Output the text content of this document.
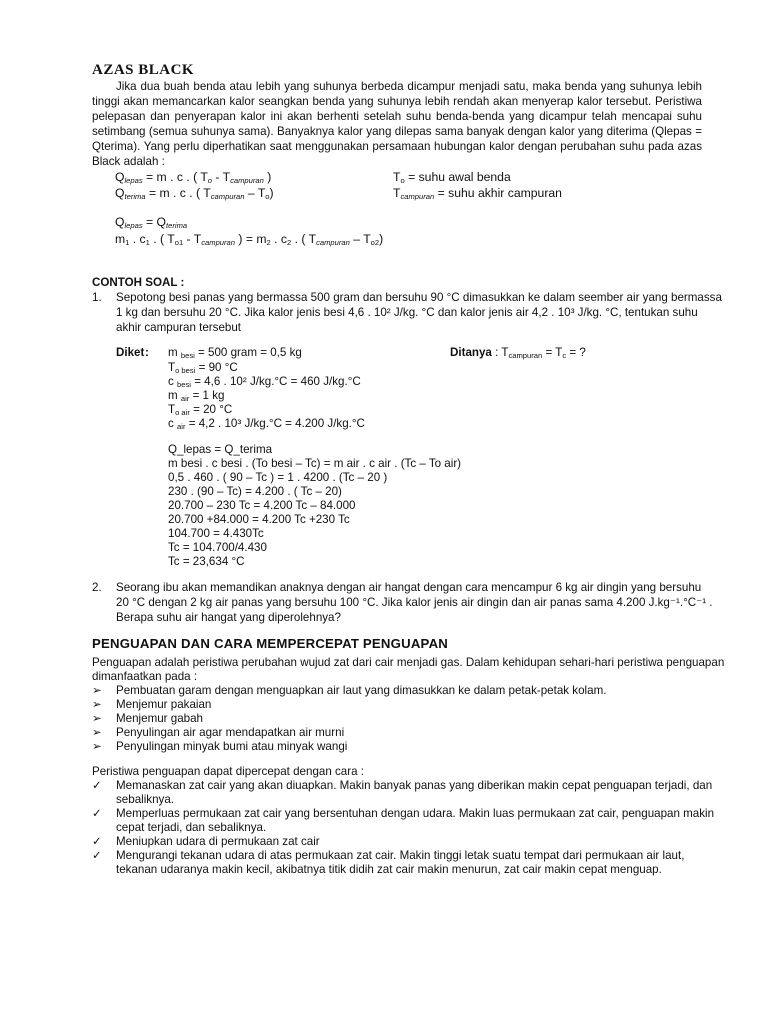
AZAS BLACK
Jika dua buah benda atau lebih yang suhunya berbeda dicampur menjadi satu, maka benda yang suhunya lebih tinggi akan memancarkan kalor seangkan benda yang suhunya lebih rendah akan menyerap kalor tersebut. Peristiwa pelepasan dan penyerapan kalor ini akan berhenti setelah suhu benda-benda yang dicampur telah mencapai suhu setimbang (semua suhunya sama). Banyaknya kalor yang dilepas sama banyak dengan kalor yang diterima (Qlepas = Qterima). Yang perlu diperhatikan saat menggunakan persamaan hubungan kalor dengan perubahan suhu pada azas Black adalah :
$Q_{lepas} = m$ . c . ( $T_o - T_{campuran}$ )	To = suhu awal benda
$Q_{terima} = m$ . c . ( $T_{campuran} - To$)	$T_{campuran}$ = suhu akhir campuran
$Q_{lepas} = Q_{terima}$
m1 . c1 . ( $To1 - T_{campuran}$ ) = m2 . c2 . ( $T_{campuran} - To2$)
CONTOH SOAL :
1. Sepotong besi panas yang bermassa 500 gram dan bersuhu 90 °C dimasukkan ke dalam seember air yang bermassa
1 kg dan bersuhu 20 °C. Jika kalor jenis besi 4,6 . 10² J/kg. °C dan kalor jenis air 4,2 . 10³ J/kg. °C, tentukan suhu
akhir campuran tersebut
Diket :	Ditanya : Tcampuran = Tc = ?
m besi = 500 gram = 0,5 kg
To besi = 90 °C
c besi = 4,6 . 10² J/kg.°C = 460 J/kg.°C
m air = 1 kg
To air = 20 °C
c air = 4,2 . 10³ J/kg.°C = 4.200 J/kg.°C
Q_lepas = Q_terima
m besi . c besi . (To besi – Tc) = m air . c air . (Tc – To air)
0,5 . 460 . ( 90 – Tc ) = 1 . 4200 . (Tc – 20 )
230 . (90 – Tc) = 4.200 . ( Tc – 20)
20.700 – 230 Tc = 4.200 Tc – 84.000
20.700 +84.000 = 4.200 Tc +230 Tc
104.700 = 4.430Tc
Tc = 104.700/4.430
Tc = 23,634 °C
2. Seorang ibu akan memandikan anaknya dengan air hangat dengan cara mencampur 6 kg air dingin yang bersuhu
20 °C dengan 2 kg air panas yang bersuhu 100 °C. Jika kalor jenis air dingin dan air panas sama 4.200 J.kg⁻¹.°C⁻¹ .
Berapa suhu air hangat yang diperolehnya?
PENGUAPAN DAN CARA MEMPERCEPAT PENGUAPAN
Penguapan adalah peristiwa perubahan wujud zat dari cair menjadi gas. Dalam kehidupan sehari-hari peristiwa penguapan
dimanfaatkan pada :
➢ Pembuatan garam dengan menguapkan air laut yang dimasukkan ke dalam petak-petak kolam.
➢ Menjemur pakaian
➢ Menjemur gabah
➢ Penyulingan air agar mendapatkan air murni
➢ Penyulingan minyak bumi atau minyak wangi
Peristiwa penguapan dapat dipercepat dengan cara :
✓ Memanaskan zat cair yang akan diuapkan. Makin banyak panas yang diberikan makin cepat penguapan terjadi, dan
sebaliknya.
✓ Memperluas permukaan zat cair yang bersentuhan dengan udara. Makin luas permukaan zat cair, penguapan makin
cepat terjadi, dan sebaliknya.
✓ Meniupkan udara di permukaan zat cair
✓ Mengurangi tekanan udara di atas permukaan zat cair. Makin tinggi letak suatu tempat dari permukaan air laut,
tekanan udaranya makin kecil, akibatnya titik didih zat cair makin menurun, zat cair makin cepat menguap.
